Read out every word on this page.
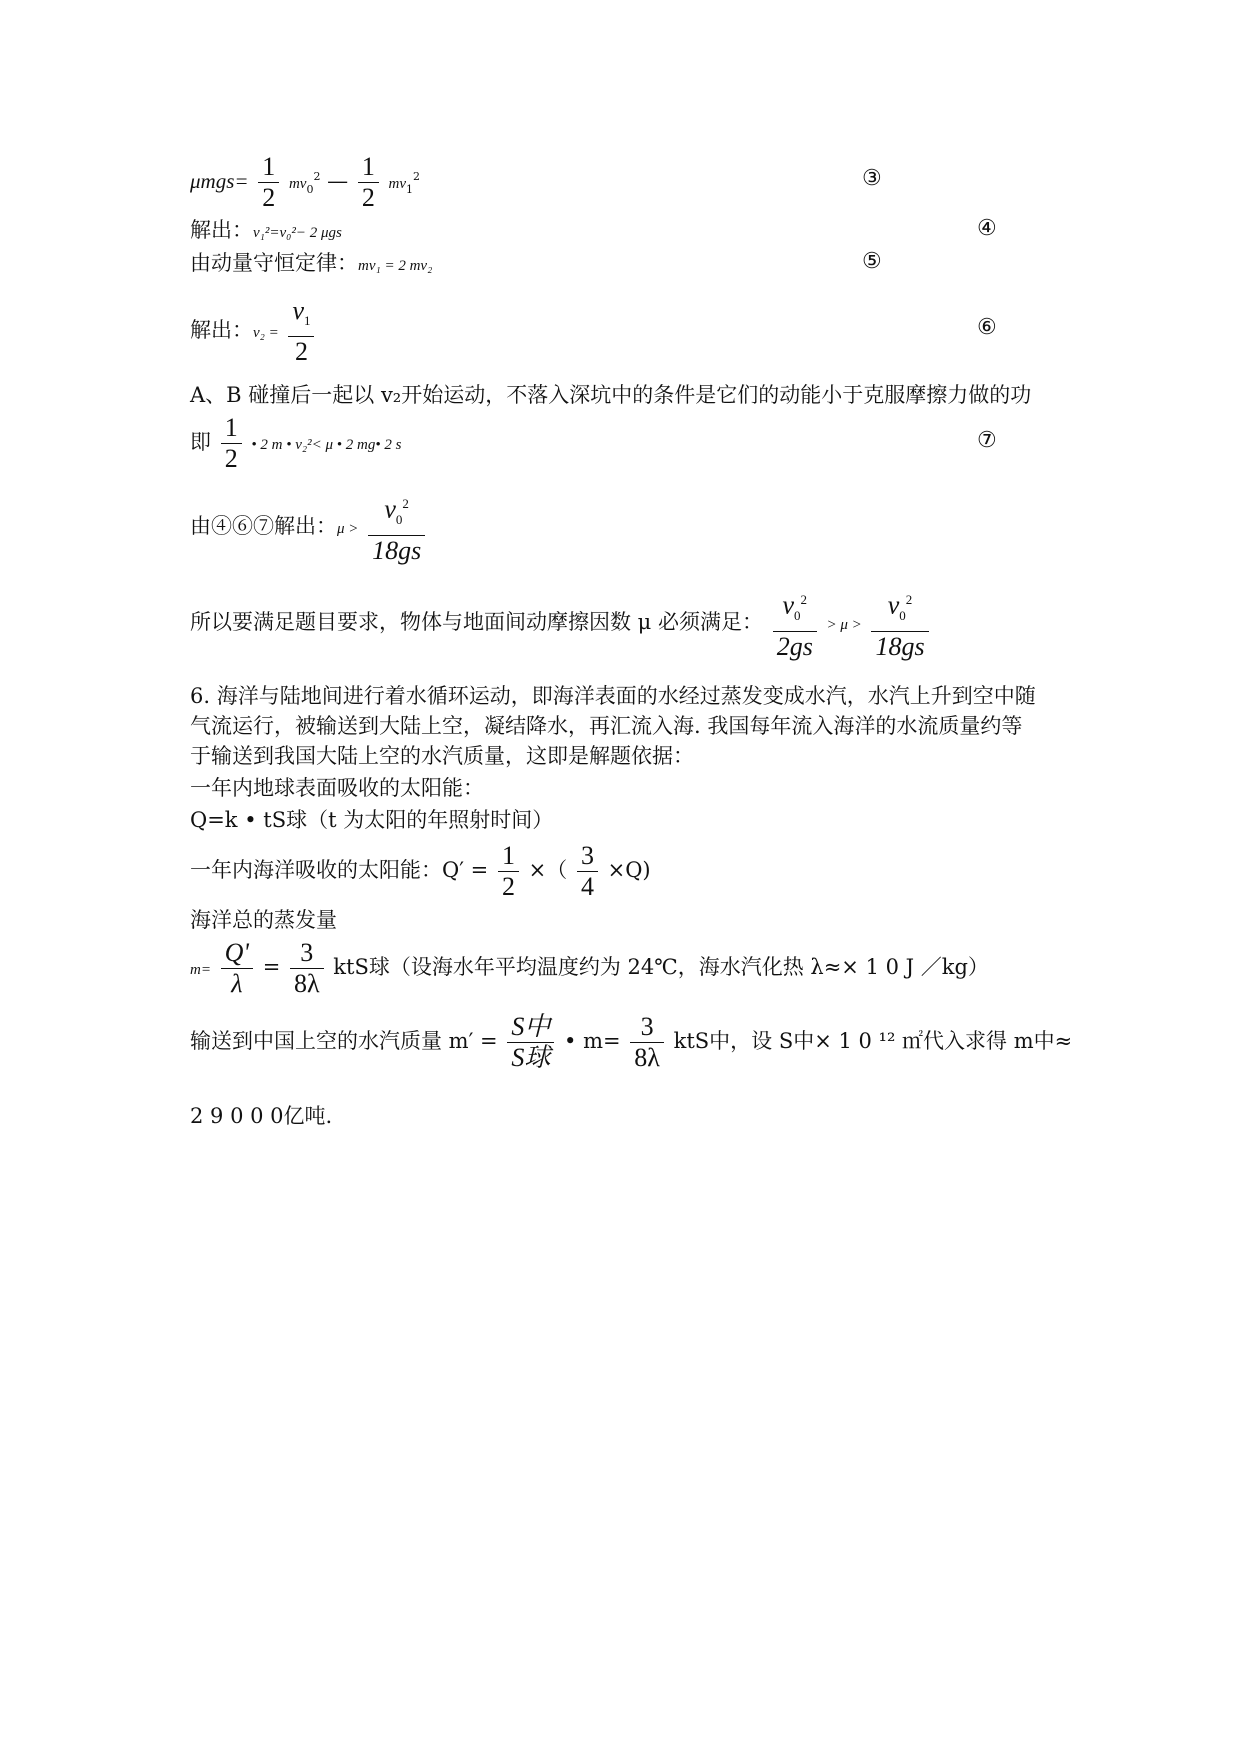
$\mu mgs= \frac{1}{2} mv_0^2$ — $\frac{1}{2} mv_1^2$	③
解出：v₁²=v₀²− 2 μgs	④
由动量守恒定律：mv₁ = 2 mv₂	⑤
解出：$v_2 = \frac{v_1}{2}$	⑥
A、B 碰撞后一起以 v₂开始运动，不落入深坑中的条件是它们的动能小于克服摩擦力做的功
即 $\frac{1}{2}$ • 2 m • v₂²< μ • 2 mg• 2 s	⑦
由④⑥⑦解出：$\mu > \frac{v_0^2}{18gs}$
所以要满足题目要求，物体与地面间动摩擦因数 μ 必须满足： $\frac{v_0^2}{2gs} > \mu > \frac{v_0^2}{18gs}$
6. 海洋与陆地间进行着水循环运动，即海洋表面的水经过蒸发变成水汽，水汽上升到空中随
气流运行，被输送到大陆上空，凝结降水，再汇流入海. 我国每年流入海洋的水流质量约等
于输送到我国大陆上空的水汽质量，这即是解题依据：
一年内地球表面吸收的太阳能：
Q=k • tS球（t 为太阳的年照射时间）
一年内海洋吸收的太阳能：$Q' = \frac{1}{2}$ ×（ $\frac{3}{4} \times Q$)
海洋总的蒸发量
$m= \frac{Q'}{\lambda} = \frac{3}{8\lambda}$ ktS球（设海水年平均温度约为 24℃，海水汽化热 λ≈× 1 0 J ／kg）
输送到中国上空的水汽质量 $m' = \frac{\text{S中}}{\text{S球}}$ • $m= \frac{3}{8\lambda}$ ktS中，设 S中× 1 0 ¹² ㎡代入求得 m中≈
2 9 0 0 0亿吨.
